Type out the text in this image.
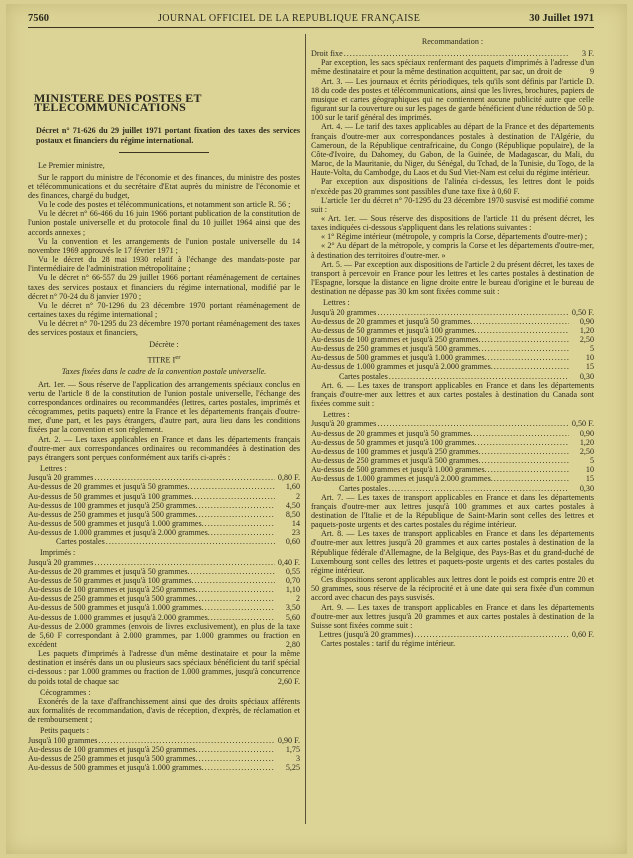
7560	JOURNAL OFFICIEL DE LA REPUBLIQUE FRANÇAISE	30 Juillet 1971
MINISTERE DES POSTES ET TELECOMMUNICATIONS
Décret n° 71-626 du 29 juillet 1971 portant fixation des taxes des services postaux et financiers du régime international.

Le Premier ministre,

Sur le rapport du ministre de l'économie et des finances, du ministre des postes et télécommunications et du secrétaire d'Etat auprès du ministre de l'économie et des finances, chargé du budget,

Vu le code des postes et télécommunications, et notamment son article R. 56 ;

Vu le décret n° 66-466 du 16 juin 1966 portant publication de la constitution de l'union postale universelle et du protocole final du 10 juillet 1964 ainsi que des accords annexes ;

Vu la convention et les arrangements de l'union postale universelle du 14 novembre 1969 approuvés le 17 février 1971 ;

Vu le décret du 28 mai 1930 relatif à l'échange des mandats-poste par l'intermédiaire de l'administration métropolitaine ;

Vu le décret n° 66-557 du 29 juillet 1966 portant réaménagement de certaines taxes des services postaux et financiers du régime international, modifié par le décret n° 70-24 du 8 janvier 1970 ;

Vu le décret n° 70-1296 du 23 décembre 1970 portant réaménagement de certaines taxes du régime international ;

Vu le décret n° 70-1295 du 23 décembre 1970 portant réaménagement des taxes des services postaux et financiers,

Décrète :

TITRE Ier

Taxes fixées dans le cadre de la convention postale universelle.

Art. 1er. — Sous réserve de l'application des arrangements spéciaux conclus en vertu de l'article 8 de la constitution de l'union postale universelle, l'échange des correspondances ordinaires ou recommandées (lettres, cartes postales, imprimés et cécogrammes, petits paquets) entre la France et les départements français d'outre-mer, d'une part, et les pays étrangers, d'autre part, aura lieu dans les conditions fixées par la convention et son règlement.

Art. 2. — Les taxes applicables en France et dans les départements français d'outre-mer aux correspondances ordinaires ou recommandées à destination des pays étrangers sont perçues conformément aux tarifs ci-après :

Lettres :

Jusqu'à 20 grammes . . .	0,80 F.
Au-dessus de 20 grammes et jusqu'à 50 grammes. . . .	1,60
Au-dessus de 50 grammes et jusqu'à 100 grammes. . . .	2
Au-dessus de 100 grammes et jusqu'à 250 grammes. . . .	4,50
Au-dessus de 250 grammes et jusqu'à 500 grammes. . . .	8,50
Au-dessus de 500 grammes et jusqu'à 1.000 grammes. . . .	14
Au-dessus de 1.000 grammes et jusqu'à 2.000 grammes. . . .	23
Cartes postales . . .	0,60

Imprimés :

Jusqu'à 20 grammes . . .	0,40 F.
Au-dessus de 20 grammes et jusqu'à 50 grammes. . . .	0,55
Au-dessus de 50 grammes et jusqu'à 100 grammes. . . .	0,70
Au-dessus de 100 grammes et jusqu'à 250 grammes. . . .	1,10
Au-dessus de 250 grammes et jusqu'à 500 grammes. . . .	2
Au-dessus de 500 grammes et jusqu'à 1.000 grammes. . . .	3,50
Au-dessus de 1.000 grammes et jusqu'à 2.000 grammes. . . .	5,60
Au-dessus de 2.000 grammes (envois de livres exclusivement), en plus de la taxe de 5,60 F correspondant à 2.000 grammes, par 1.000 grammes ou fraction en excédent	2,80
Les paquets d'imprimés à l'adresse d'un même destinataire et pour la même destination et insérés dans un ou plusieurs sacs spéciaux bénéficient du tarif spécial ci-dessous : par 1.000 grammes ou fraction de 1.000 grammes, jusqu'à concurrence du poids total de chaque sac	2,60 F.

Cécogrammes :

Exonérés de la taxe d'affranchissement ainsi que des droits spéciaux afférents aux formalités de recommandation, d'avis de réception, d'exprès, de réclamation et de remboursement ;

Petits paquets :

Jusqu'à 100 grammes . . .	0,90 F.
Au-dessus de 100 grammes et jusqu'à 250 grammes. . . .	1,75
Au-dessus de 250 grammes et jusqu'à 500 grammes. . . .	3
Au-dessus de 500 grammes et jusqu'à 1.000 grammes. . . .	5,25

Recommandation :

Droit fixe . . .	3 F.
Par exception, les sacs spéciaux renfermant des paquets d'imprimés à l'adresse d'un même destinataire et pour la même destination acquittent, par sac, un droit de	9

Art. 3. — Les journaux et écrits périodiques, tels qu'ils sont définis par l'article D. 18 du code des postes et télécommunications, ainsi que les livres, brochures, papiers de musique et cartes géographiques qui ne contiennent aucune publicité autre que celle figurant sur la couverture ou sur les pages de garde bénéficient d'une réduction de 50 p. 100 sur le tarif général des imprimés.

Art. 4. — Le tarif des taxes applicables au départ de la France et des départements français d'outre-mer aux correspondances postales à destination de l'Algérie, du Cameroun, de la République centrafricaine, du Congo (République populaire), de la Côte-d'Ivoire, du Dahomey, du Gabon, de la Guinée, de Madagascar, du Mali, du Maroc, de la Mauritanie, du Niger, du Sénégal, du Tchad, de la Tunisie, du Togo, de la Haute-Volta, du Cambodge, du Laos et du Sud Viet-Nam est celui du régime intérieur.

Par exception aux dispositions de l'alinéa ci-dessus, les lettres dont le poids n'excède pas 20 grammes sont passibles d'une taxe fixe à 0,60 F.

L'article 1er du décret n° 70-1295 du 23 décembre 1970 susvisé est modifié comme suit :

« Art. 1er. — Sous réserve des dispositions de l'article 11 du présent décret, les taxes indiquées ci-dessous s'appliquent dans les relations suivantes :

« 1° Régime intérieur (métropole, y compris la Corse, départements d'outre-mer) ;

« 2° Au départ de la métropole, y compris la Corse et les départements d'outre-mer, à destination des territoires d'outre-mer. »

Art. 5. — Par exception aux dispositions de l'article 2 du présent décret, les taxes de transport à percevoir en France pour les lettres et les cartes postales à destination de l'Espagne, lorsque la distance en ligne droite entre le bureau d'origine et le bureau de destination ne dépasse pas 30 km sont fixées comme suit :

Lettres :

Jusqu'à 20 grammes . . .	0,50 F.
Au-dessus de 20 grammes et jusqu'à 50 grammes. . . .	0,90
Au-dessus de 50 grammes et jusqu'à 100 grammes. . . .	1,20
Au-dessus de 100 grammes et jusqu'à 250 grammes. . . .	2,50
Au-dessus de 250 grammes et jusqu'à 500 grammes. . . .	5
Au-dessus de 500 grammes et jusqu'à 1.000 grammes. . . .	10
Au-dessus de 1.000 grammes et jusqu'à 2.000 grammes. . . .	15
Cartes postales . . .	0,30

Art. 6. — Les taxes de transport applicables en France et dans les départements français d'outre-mer aux lettres et aux cartes postales à destination du Canada sont fixées comme suit :

Lettres :

Jusqu'à 20 grammes . . .	0,50 F.
Au-dessus de 20 grammes et jusqu'à 50 grammes. . . .	0,90
Au-dessus de 50 grammes et jusqu'à 100 grammes. . . .	1,20
Au-dessus de 100 grammes et jusqu'à 250 grammes. . . .	2,50
Au-dessus de 250 grammes et jusqu'à 500 grammes. . . .	5
Au-dessus de 500 grammes et jusqu'à 1.000 grammes. . . .	10
Au-dessus de 1.000 grammes et jusqu'à 2.000 grammes. . . .	15
Cartes postales . . .	0,30

Art. 7. — Les taxes de transport applicables en France et dans les départements français d'outre-mer aux lettres jusqu'à 100 grammes et aux cartes postales à destination de l'Italie et de la République de Saint-Marin sont celles des lettres et paquets-poste urgents et des cartes postales du régime intérieur.

Art. 8. — Les taxes de transport applicables en France et dans les départements d'outre-mer aux lettres jusqu'à 20 grammes et aux cartes postales à destination de la République fédérale d'Allemagne, de la Belgique, des Pays-Bas et du grand-duché de Luxembourg sont celles des lettres et paquets-poste urgents et des cartes postales du régime intérieur.

Ces dispositions seront applicables aux lettres dont le poids est compris entre 20 et 50 grammes, sous réserve de la réciprocité et à une date qui sera fixée d'un commun accord avec chacun des pays susvisés.

Art. 9. — Les taxes de transport applicables en France et dans les départements d'outre-mer aux lettres jusqu'à 20 grammes et aux cartes postales à destination de la Suisse sont fixées comme suit :

Lettres (jusqu'à 20 grammes) . . .	0,60 F.

Cartes postales : tarif du régime intérieur.
